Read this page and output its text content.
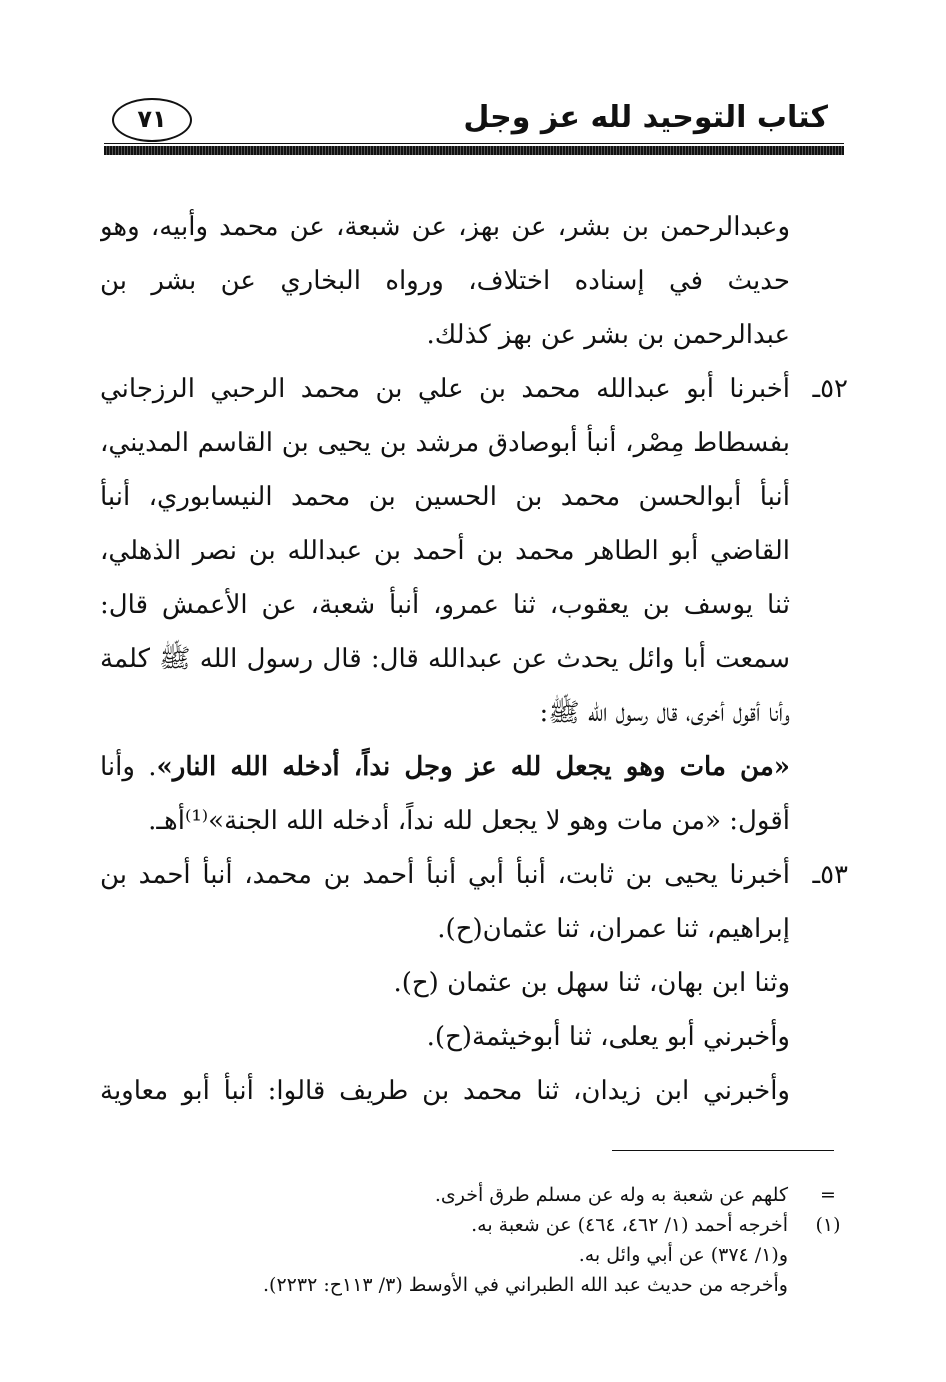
كتاب التوحيد لله عز وجل
٧١
وعبدالرحمن بن بشر، عن بهز، عن شبعة، عن محمد وأبيه، وهو
حديث في إسناده اختلاف، ورواه البخاري عن بشر بن
عبدالرحمن بن بشر عن بهز كذلك.
٥٢ـ
أخبرنا أبو عبدالله محمد بن علي بن محمد الرحبي الرزجاني
بفسطاط مِصْر، أنبأ أبوصادق مرشد بن يحيى بن القاسم المديني،
أنبأ أبوالحسن محمد بن الحسين بن محمد النيسابوري، أنبأ
القاضي أبو الطاهر محمد بن أحمد بن عبدالله بن نصر الذهلي،
ثنا يوسف بن يعقوب، ثنا عمرو، أنبأ شعبة، عن الأعمش قال:
سمعت أبا وائل يحدث عن عبدالله قال: قال رسول الله ﷺ كلمة
وأنا أقول أخرى، قال رسول الله ﷺ:
«من مات وهو يجعل لله عز وجل نداً، أدخله الله النار». وأنا
أقول: «من مات وهو لا يجعل لله نداً، أدخله الله الجنة»⁽¹⁾أهـ.
٥٣ـ
أخبرنا يحيى بن ثابت، أنبأ أبي أنبأ أحمد بن محمد، أنبأ أحمد بن
إبراهيم، ثنا عمران، ثنا عثمان(ح).
وثنا ابن بهان، ثنا سهل بن عثمان (ح).
وأخبرني أبو يعلى، ثنا أبوخيثمة(ح).
وأخبرني ابن زيدان، ثنا محمد بن طريف قالوا: أنبأ أبو معاوية
=
كلهم عن شعبة به وله عن مسلم طرق أخرى.
(١)
أخرجه أحمد (١/ ٤٦٢، ٤٦٤) عن شعبة به.
و(١/ ٣٧٤) عن أبي وائل به.
وأخرجه من حديث عبد الله الطبراني في الأوسط (٣/ ١١٣ح: ٢٢٣٢).
